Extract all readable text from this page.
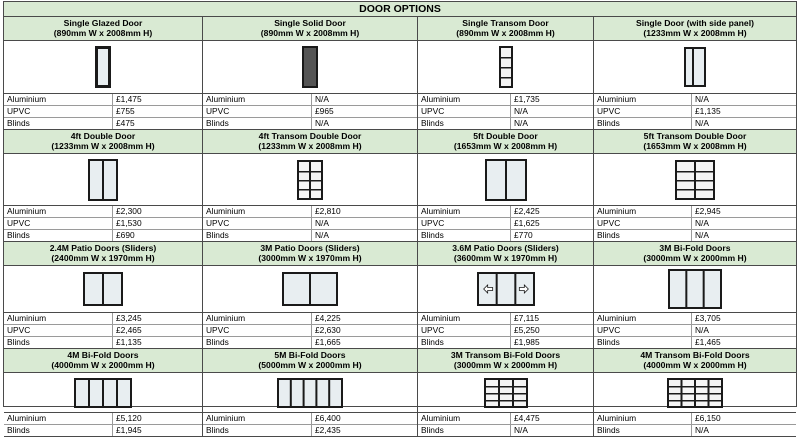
DOOR OPTIONS
Single Glazed Door
(890mm W x 2008mm H)
Aluminium	£1,475
UPVC	£755
Blinds	£475
Single Solid Door
(890mm W x 2008mm H)
Aluminium	N/A
UPVC	£965
Blinds	N/A
Single Transom Door
(890mm W x 2008mm H)
Aluminium	£1,735
UPVC	N/A
Blinds	N/A
Single Door (with side panel)
(1233mm W x 2008mm H)
Aluminium	N/A
UPVC	£1,135
Blinds	N/A
4ft Double Door
(1233mm W x 2008mm H)
Aluminium	£2,300
UPVC	£1,530
Blinds	£690
4ft Transom Double Door
(1233mm W x 2008mm H)
Aluminium	£2,810
UPVC	N/A
Blinds	N/A
5ft Double Door
(1653mm W x 2008mm H)
Aluminium	£2,425
UPVC	£1,625
Blinds	£770
5ft Transom Double Door
(1653mm W x 2008mm H)
Aluminium	£2,945
UPVC	N/A
Blinds	N/A
2.4M Patio Doors (Sliders)
(2400mm W x 1970mm H)
Aluminium	£3,245
UPVC	£2,465
Blinds	£1,135
3M Patio Doors (Sliders)
(3000mm W x 1970mm H)
Aluminium	£4,225
UPVC	£2,630
Blinds	£1,665
3.6M Patio Doors (Sliders)
(3600mm W x 1970mm H)
Aluminium	£7,115
UPVC	£5,250
Blinds	£1,985
3M Bi-Fold Doors
(3000mm W x 2000mm H)
Aluminium	£3,705
UPVC	N/A
Blinds	£1,465
4M Bi-Fold Doors
(4000mm W x 2000mm H)
Aluminium	£5,120
Blinds	£1,945
5M Bi-Fold Doors
(5000mm W x 2000mm H)
Aluminium	£6,400
Blinds	£2,435
3M Transom Bi-Fold Doors
(3000mm W x 2000mm H)
Aluminium	£4,475
Blinds	N/A
4M Transom Bi-Fold Doors
(4000mm W x 2000mm H)
Aluminium	£6,150
Blinds	N/A
